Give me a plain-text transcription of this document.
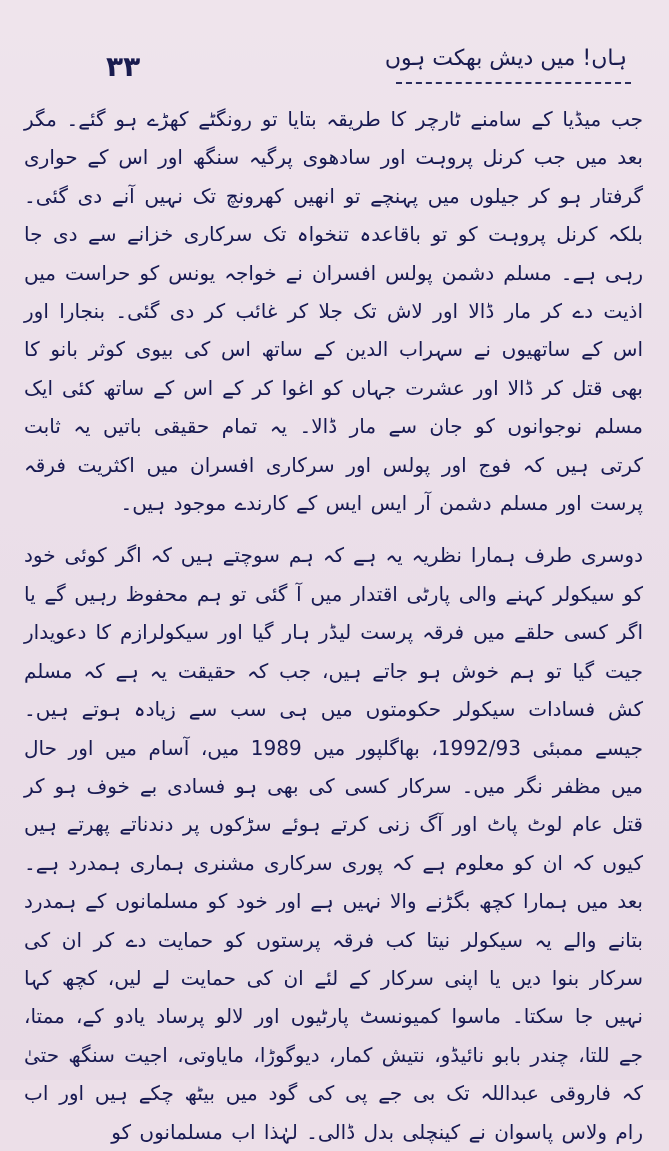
۳۳	ہاں! میں دیش بھکت ہوں

جب میڈیا کے سامنے ٹارچر کا طریقہ بتایا تو رونگٹے کھڑے ہو گئے۔ مگر بعد میں جب کرنل پروہت اور سادھوی پرگیہ سنگھ اور اس کے حواری گرفتار ہو کر جیلوں میں پہنچے تو انھیں کھرونچ تک نہیں آنے دی گئی۔ بلکہ کرنل پروہت کو تو باقاعدہ تنخواہ تک سرکاری خزانے سے دی جا رہی ہے۔ مسلم دشمن پولس افسران نے خواجہ یونس کو حراست میں اذیت دے کر مار ڈالا اور لاش تک جلا کر غائب کر دی گئی۔ بنجارا اور اس کے ساتھیوں نے سہراب الدین کے ساتھ اس کی بیوی کوثر بانو کا بھی قتل کر ڈالا اور عشرت جہاں کو اغوا کر کے اس کے ساتھ کئی ایک مسلم نوجوانوں کو جان سے مار ڈالا۔ یہ تمام حقیقی باتیں یہ ثابت کرتی ہیں کہ فوج اور پولس اور سرکاری افسران میں اکثریت فرقہ پرست اور مسلم دشمن آر ایس ایس کے کارندے موجود ہیں۔

دوسری طرف ہمارا نظریہ یہ ہے کہ ہم سوچتے ہیں کہ اگر کوئی خود کو سیکولر کہنے والی پارٹی اقتدار میں آ گئی تو ہم محفوظ رہیں گے یا اگر کسی حلقے میں فرقہ پرست لیڈر ہار گیا اور سیکولرازم کا دعویدار جیت گیا تو ہم خوش ہو جاتے ہیں، جب کہ حقیقت یہ ہے کہ مسلم کش فسادات سیکولر حکومتوں میں ہی سب سے زیادہ ہوتے ہیں۔ جیسے ممبئی 1992/93، بھاگلپور میں 1989 میں، آسام میں اور حال میں مظفر نگر میں۔ سرکار کسی کی بھی ہو فسادی بے خوف ہو کر قتل عام لوٹ پاٹ اور آگ زنی کرتے ہوئے سڑکوں پر دندناتے پھرتے ہیں کیوں کہ ان کو معلوم ہے کہ پوری سرکاری مشنری ہماری ہمدرد ہے۔ بعد میں ہمارا کچھ بگڑنے والا نہیں ہے اور خود کو مسلمانوں کے ہمدرد بتانے والے یہ سیکولر نیتا کب فرقہ پرستوں کو حمایت دے کر ان کی سرکار بنوا دیں یا اپنی سرکار کے لئے ان کی حمایت لے لیں، کچھ کہا نہیں جا سکتا۔ ماسوا کمیونسٹ پارٹیوں اور لالو پرساد یادو کے، ممتا، جے للتا، چندر بابو نائیڈو، نتیش کمار، دیوگوڑا، مایاوتی، اجیت سنگھ حتیٰ کہ فاروقی عبداللہ تک بی جے پی کی گود میں بیٹھ چکے ہیں اور اب رام ولاس پاسوان نے کینچلی بدل ڈالی۔ لہٰذا اب مسلمانوں کو
